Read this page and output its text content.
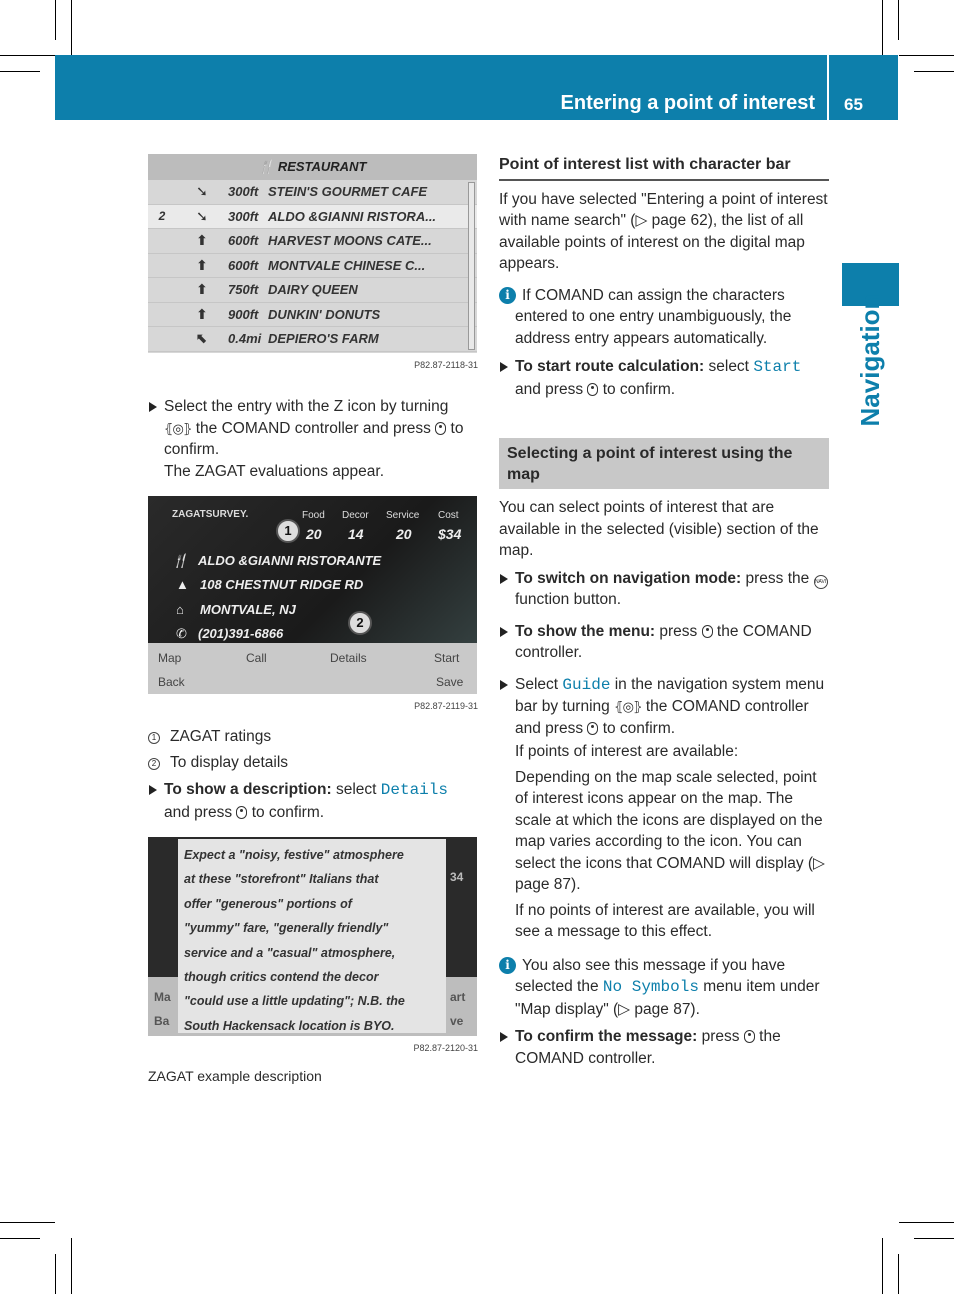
Entering a point of interest 65
Navigation
🍴 RESTAURANT
➘	300ft STEIN'S GOURMET CAFE
2	➘	300ft ALDO &GIANNI RISTORA...
⬆	600ft HARVEST MOONS CATE...
⬆	600ft MONTVALE CHINESE C...
⬆	750ft DAIRY QUEEN
⬆	900ft DUNKIN' DONUTS
⬉	0.4mi DEPIERO'S FARM
P82.87-2118-31
Select the entry with the Z icon by turning ⦃◎⦄ the COMAND controller and press to confirm.
The ZAGAT evaluations appear.
ZAGATSURVEY.	Food Decor Service Cost
1	20 14 20 $34
🍴 ALDO &GIANNI RISTORANTE
▲ 108 CHESTNUT RIDGE RD
⌂ MONTVALE, NJ
✆ (201)391-6866
2
Map	Call	Details	Start
Back	Save
P82.87-2119-31

1 ZAGAT ratings

2 To display details

To show a description: select Details and press to confirm.
Ma
Ba
34
art
ve
Expect a "noisy, festive" atmosphere
at these "storefront" Italians that
offer "generous" portions of
"yummy" fare, "generally friendly"
service and a "casual" atmosphere,
though critics contend the decor
"could use a little updating"; N.B. the
South Hackensack location is BYO.
P82.87-2120-31
ZAGAT example description
Point of interest list with character bar

If you have selected "Entering a point of interest with name search" (▷ page 62), the list of all available points of interest on the digital map appears.

i If COMAND can assign the characters entered to one entry unambiguously, the address entry appears automatically.
To start route calculation: select Start and press to confirm.
Selecting a point of interest using the map

You can select points of interest that are available in the selected (visible) section of the map.

To switch on navigation mode: press the NAVI function button.
To show the menu: press the COMAND controller.
Select Guide in the navigation system menu bar by turning ⦃◎⦄ the COMAND controller and press to confirm.

If points of interest are available:

Depending on the map scale selected, point of interest icons appear on the map. The scale at which the icons are displayed on the map varies according to the icon. You can select the icons that COMAND will display (▷ page 87).

If no points of interest are available, you will see a message to this effect.

i You also see this message if you have selected the No Symbols menu item under "Map display" (▷ page 87).
To confirm the message: press the COMAND controller.
